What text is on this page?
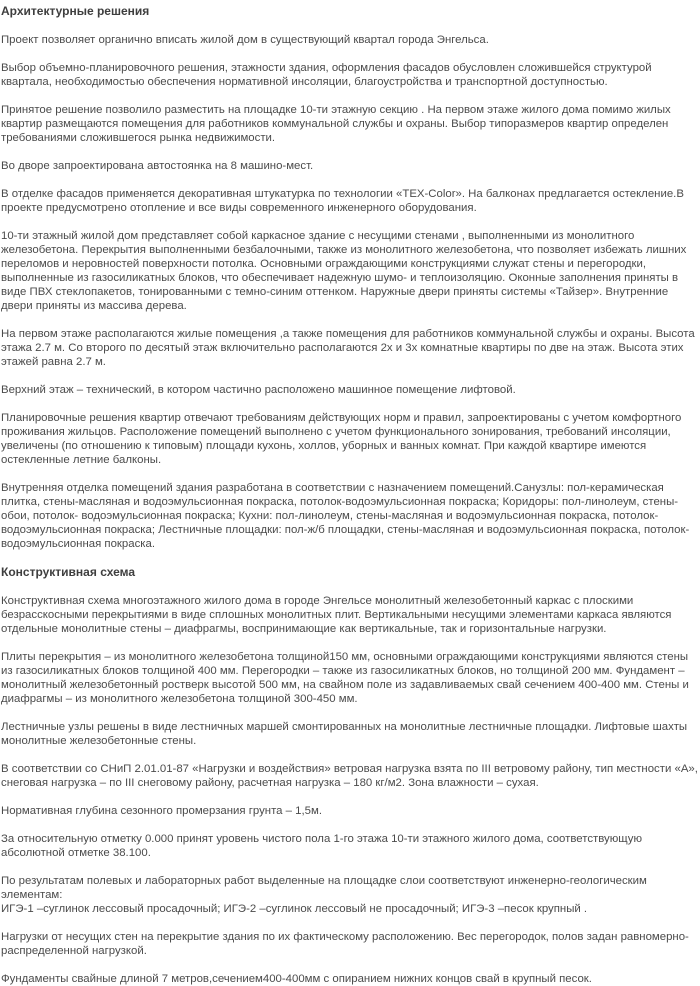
Архитектурные решения

Проект позволяет органично вписать жилой дом в существующий квартал города Энгельса.

Выбор объемно-планировочного решения, этажности здания, оформления фасадов обусловлен сложившейся структурой квартала, необходимостью обеспечения нормативной инсоляции, благоустройства и транспортной доступностью.

Принятое решение позволило разместить на площадке 10-ти этажную секцию . На первом этаже жилого дома помимо жилых квартир размещаются помещения для работников коммунальной службы и охраны. Выбор типоразмеров квартир определен требованиями сложившегося рынка недвижимости.

Во дворе запроектирована автостоянка на 8 машино-мест.

В отделке фасадов применяется декоративная штукатурка по технологии «TEX-Color». На балконах предлагается остекление.В проекте предусмотрено отопление и все виды современного инженерного оборудования.

10-ти этажный жилой дом представляет собой каркасное здание с несущими стенами , выполненными из монолитного железобетона. Перекрытия выполненными безбалочными, также из монолитного железобетона, что позволяет избежать лишних переломов и неровностей поверхности потолка. Основными ограждающими конструкциями служат стены и перегородки, выполненные из газосиликатных блоков, что обеспечивает надежную шумо- и теплоизоляцию. Оконные заполнения приняты в виде ПВХ стеклопакетов, тонированными с темно-синим оттенком. Наружные двери приняты системы «Тайзер». Внутренние двери приняты из массива дерева.

На первом этаже располагаются жилые помещения ,а также помещения для работников коммунальной службы и охраны. Высота этажа 2.7 м. Со второго по десятый этаж включительно располагаются 2х и 3х комнатные квартиры по две на этаж. Высота этих этажей равна 2.7 м.

Верхний этаж – технический, в котором частично расположено машинное помещение лифтовой.

Планировочные решения квартир отвечают требованиям действующих норм и правил, запроектированы с учетом комфортного проживания жильцов. Расположение помещений выполнено с учетом функционального зонирования, требований инсоляции, увеличены (по отношению к типовым) площади кухонь, холлов, уборных и ванных комнат. При каждой квартире имеются остекленные летние балконы.

Внутренняя отделка помещений здания разработана в соответствии с назначением помещений.Санузлы: пол-керамическая плитка, стены-масляная и водоэмульсионная покраска, потолок-водоэмульсионная покраска; Коридоры: пол-линолеум, стены-обои, потолок- водоэмульсионная покраска; Кухни: пол-линолеум, стены-масляная и водоэмульсионная покраска, потолок-водоэмульсионная покраска; Лестничные площадки: пол-ж/б площадки, стены-масляная и водоэмульсионная покраска, потолок-водоэмульсионная покраска.

Конструктивная схема

Конструктивная схема многоэтажного жилого дома в городе Энгельсе монолитный железобетонный каркас с плоскими безрасскосными перекрытиями в виде сплошных монолитных плит. Вертикальными несущими элементами каркаса являются отдельные монолитные стены – диафрагмы, воспринимающие как вертикальные, так и горизонтальные нагрузки.

Плиты перекрытия – из монолитного железобетона толщиной150 мм, основными ограждающими конструкциями являются стены из газосиликатных блоков толщиной 400 мм. Перегородки – также из газосиликатных блоков, но толщиной 200 мм. Фундамент – монолитный железобетонный ростверк высотой 500 мм, на свайном поле из задавливаемых свай сечением 400-400 мм. Стены и диафрагмы – из монолитного железобетона толщиной 300-450 мм.

Лестничные узлы решены в виде лестничных маршей смонтированных на монолитные лестничные площадки. Лифтовые шахты монолитные железобетонные стены.

В соответствии со СНиП 2.01.01-87 «Нагрузки и воздействия» ветровая нагрузка взята по III ветровому району, тип местности «А», снеговая нагрузка – по III снеговому району, расчетная нагрузка – 180 кг/м2. Зона влажности – сухая.

Нормативная глубина сезонного промерзания грунта – 1,5м.

За относительную отметку 0.000 принят уровень чистого пола 1-го этажа 10-ти этажного жилого дома, соответствующую абсолютной отметке 38.100.

По результатам полевых и лабораторных работ выделенные на площадке слои соответствуют инженерно-геологическим элементам:
ИГЭ-1 –суглинок лессовый просадочный; ИГЭ-2 –суглинок лессовый не просадочный; ИГЭ-3 –песок крупный .

Нагрузки от несущих стен на перекрытие здания по их фактическому расположению. Вес перегородок, полов задан равномерно-распределенной нагрузкой.

Фундаменты свайные длиной 7 метров,сечением400-400мм с опиранием нижних концов свай в крупный песок.
